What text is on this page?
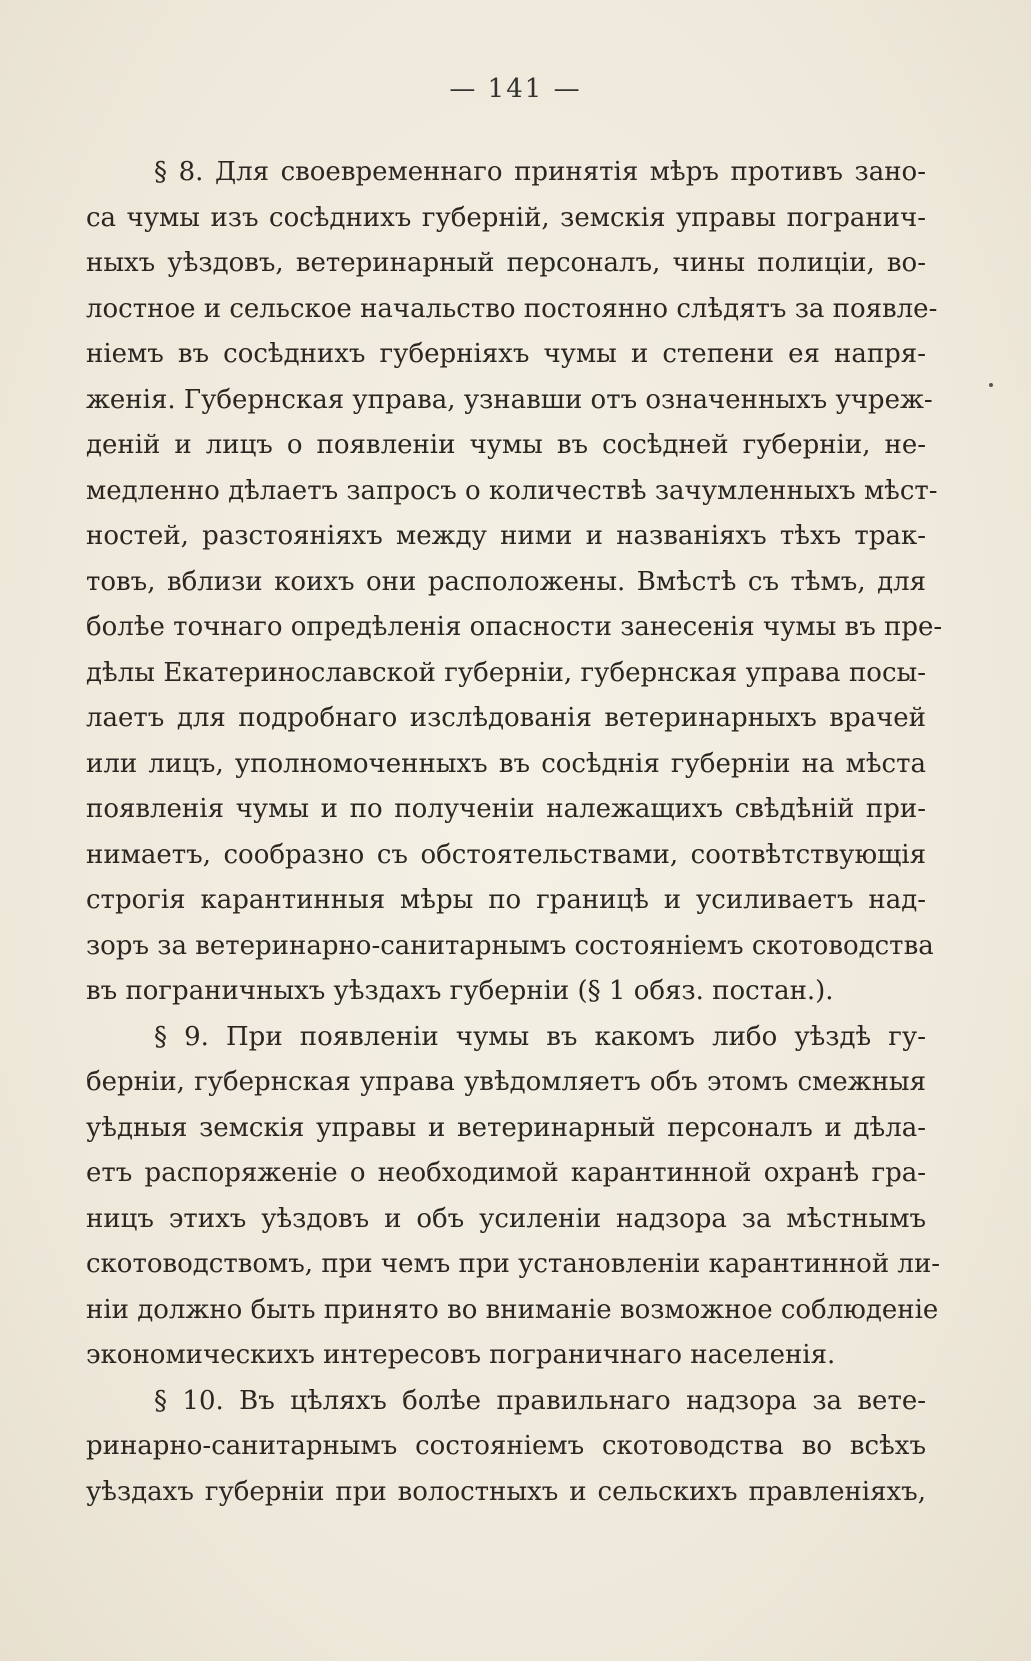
— 141 —
§ 8. Для своевременнаго принятія мѣръ противъ зано-
са чумы изъ сосѣднихъ губерній, земскія управы погранич-
ныхъ уѣздовъ, ветеринарный персоналъ, чины полиціи, во-
лостное и сельское начальство постоянно слѣдятъ за появле-
ніемъ въ сосѣднихъ губерніяхъ чумы и степени ея напря-
женія. Губернская управа, узнавши отъ означенныхъ учреж-
деній и лицъ о появленіи чумы въ сосѣдней губерніи, не-
медленно дѣлаетъ запросъ о количествѣ зачумленныхъ мѣст-
ностей, разстояніяхъ между ними и названіяхъ тѣхъ трак-
товъ, вблизи коихъ они расположены. Вмѣстѣ съ тѣмъ, для
болѣе точнаго опредѣленія опасности занесенія чумы въ пре-
дѣлы Екатеринославской губерніи, губернская управа посы-
лаетъ для подробнаго изслѣдованія ветеринарныхъ врачей
или лицъ, уполномоченныхъ въ сосѣднія губерніи на мѣста
появленія чумы и по полученіи належащихъ свѣдѣній при-
нимаетъ, сообразно съ обстоятельствами, соотвѣтствующія
строгія карантинныя мѣры по границѣ и усиливаетъ над-
зоръ за ветеринарно-санитарнымъ состояніемъ скотоводства
въ пограничныхъ уѣздахъ губерніи (§ 1 обяз. постан.).
§ 9. При появленіи чумы въ какомъ либо уѣздѣ гу-
берніи, губернская управа увѣдомляетъ объ этомъ смежныя
уѣдныя земскія управы и ветеринарный персоналъ и дѣла-
етъ распоряженіе о необходимой карантинной охранѣ гра-
ницъ этихъ уѣздовъ и объ усиленіи надзора за мѣстнымъ
скотоводствомъ, при чемъ при установленіи карантинной ли-
ніи должно быть принято во вниманіе возможное соблюденіе
экономическихъ интересовъ пограничнаго населенія.
§ 10. Въ цѣляхъ болѣе правильнаго надзора за вете-
ринарно-санитарнымъ состояніемъ скотоводства во всѣхъ
уѣздахъ губерніи при волостныхъ и сельскихъ правленіяхъ,
